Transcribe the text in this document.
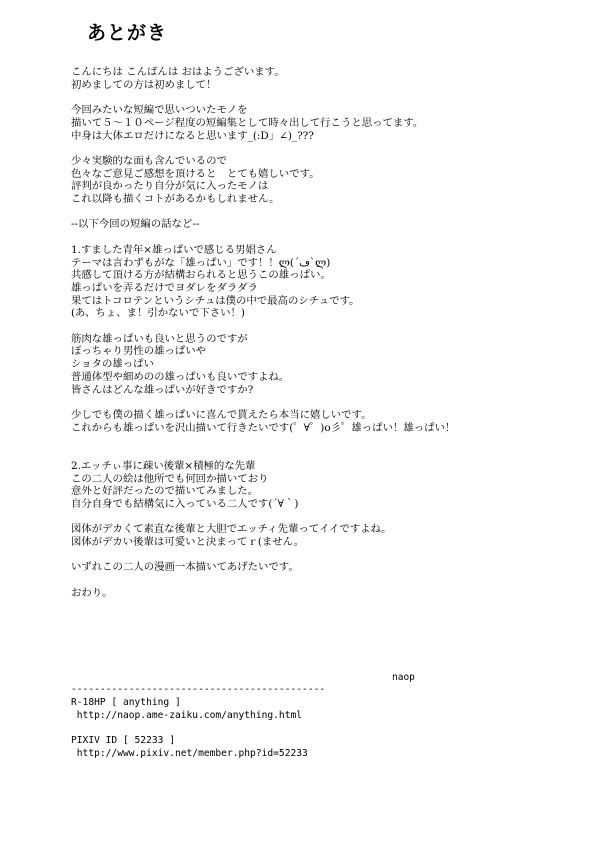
あとがき
こんにちは こんばんは おはようございます。
初めましての方は初めまして！

今回みたいな短編で思いついたモノを
描いて５～１０ページ程度の短編集として時々出して行こうと思ってます。
中身は大体エロだけになると思います_(:D」∠)_???

少々実験的な面も含んでいるので
色々なご意見ご感想を頂けると　とても嬉しいです。
評判が良かったり自分が気に入ったモノは
これ以降も描くコトがあるかもしれません。

--以下今回の短編の話など--

1.すました青年×雄っぱいで感じる男娼さん
テーマは言わずもがな「雄っぱい」です！！ლ(´ڡ`ლ)
共感して頂ける方が結構おられると思うこの雄っぱい。
雄っぱいを弄るだけでヨダレをダラダラ
果てはトコロテンというシチュは僕の中で最高のシチュです。
(あ、ちょ、ま！引かないで下さい！)

筋肉な雄っぱいも良いと思うのですが
ぽっちゃり男性の雄っぱいや
ショタの雄っぱい
普通体型や細めのの雄っぱいも良いですよね。
皆さんはどんな雄っぱいが好きですか?

少しでも僕の描く雄っぱいに喜んで貰えたら本当に嬉しいです。
これからも雄っぱいを沢山描いて行きたいです(゜∀゜)o彡゜雄っぱい！雄っぱい！

2.エッチぃ事に疎い後輩×積極的な先輩
この二人の絵は他所でも何回か描いており
意外と好評だったので描いてみました。
自分自身でも結構気に入っている二人です(´∀｀)

図体がデカくて素直な後輩と大胆でエッチィ先輩ってイイですよね。
図体がデカい後輩は可愛いと決まってｒ(ません。

いずれこの二人の漫画一本描いてあげたいです。

おわり。
naop
--------------------------------------------
R-18HP [ anything ]
http://naop.ame-zaiku.com/anything.html

PIXIV ID [ 52233 ]
http://www.pixiv.net/member.php?id=52233
